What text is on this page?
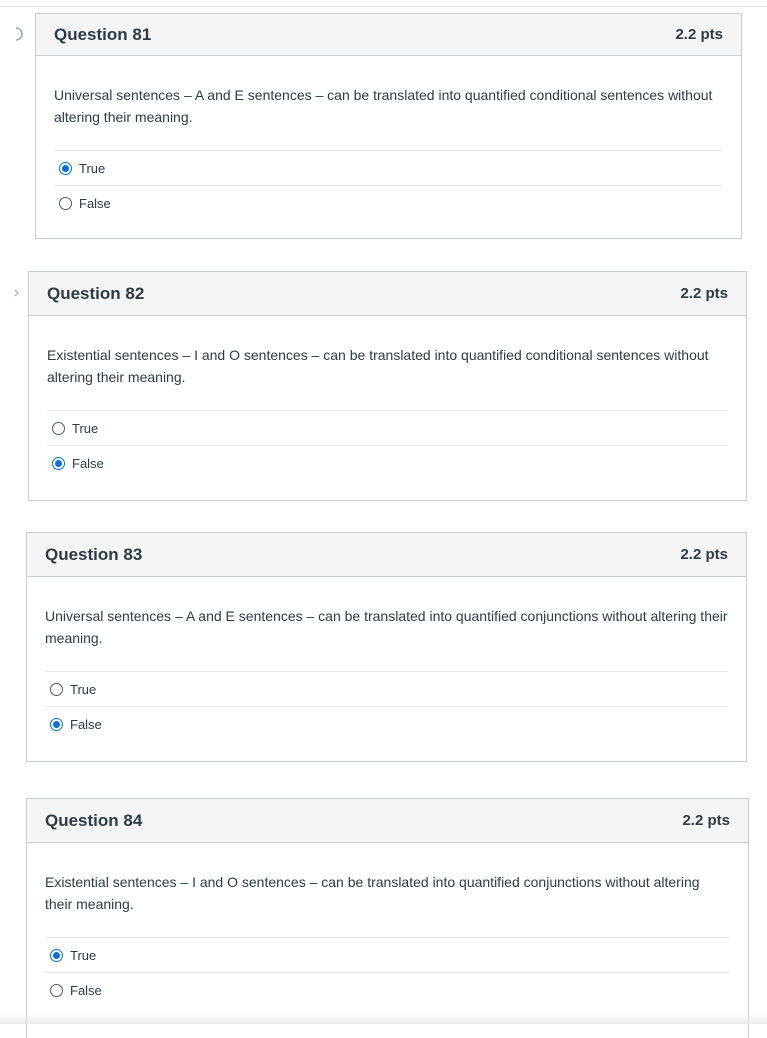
Question 81	2.2 pts

Universal sentences – A and E sentences – can be translated into quantified conditional sentences without altering their meaning.

True
False
Question 82	2.2 pts

Existential sentences – I and O sentences – can be translated into quantified conditional sentences without altering their meaning.

True
False
Question 83	2.2 pts

Universal sentences – A and E sentences – can be translated into quantified conjunctions without altering their meaning.

True
False
Question 84	2.2 pts

Existential sentences – I and O sentences – can be translated into quantified conjunctions without altering their meaning.

True
False
